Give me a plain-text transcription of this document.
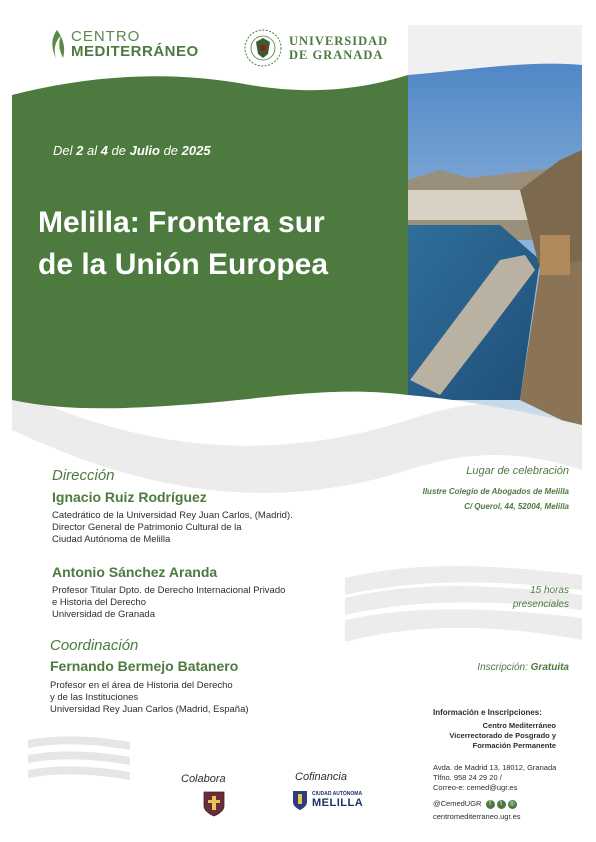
CENTRO
MEDITERRÁNEO
UNIVERSIDAD
DE GRANADA
Del 2 al 4 de Julio de 2025
Melilla: Frontera sur
de la Unión Europea
Dirección
Ignacio Ruiz Rodríguez
Catedrático de la Universidad Rey Juan Carlos, (Madrid).
Director General de Patrimonio Cultural de la
Ciudad Autónoma de Melilla
Antonio Sánchez Aranda
Profesor Titular Dpto. de Derecho Internacional Privado
e Historia del Derecho
Universidad de Granada
Coordinación
Fernando Bermejo Batanero
Profesor en el área de Historia del Derecho
y de las Instituciones
Universidad Rey Juan Carlos (Madrid, España)
Lugar de celebración
Ilustre Colegio de Abogados de Melilla
C/ Querol, 44, 52004, Melilla
15 horas
presenciales
Inscripción: Gratuita
Información e Inscripciones:
Centro Mediterráneo
Vicerrectorado de Posgrado y
Formación Permanente
Avda. de Madrid 13, 18012, Granada
Tlfno. 958 24 29 20 /
Correo-e: cemed@ugr.es
@CemedUGR f t ◎
centromediterraneo.ugr.es
Colabora	Cofinancia
CIUDAD AUTÓNOMA
MELILLA
